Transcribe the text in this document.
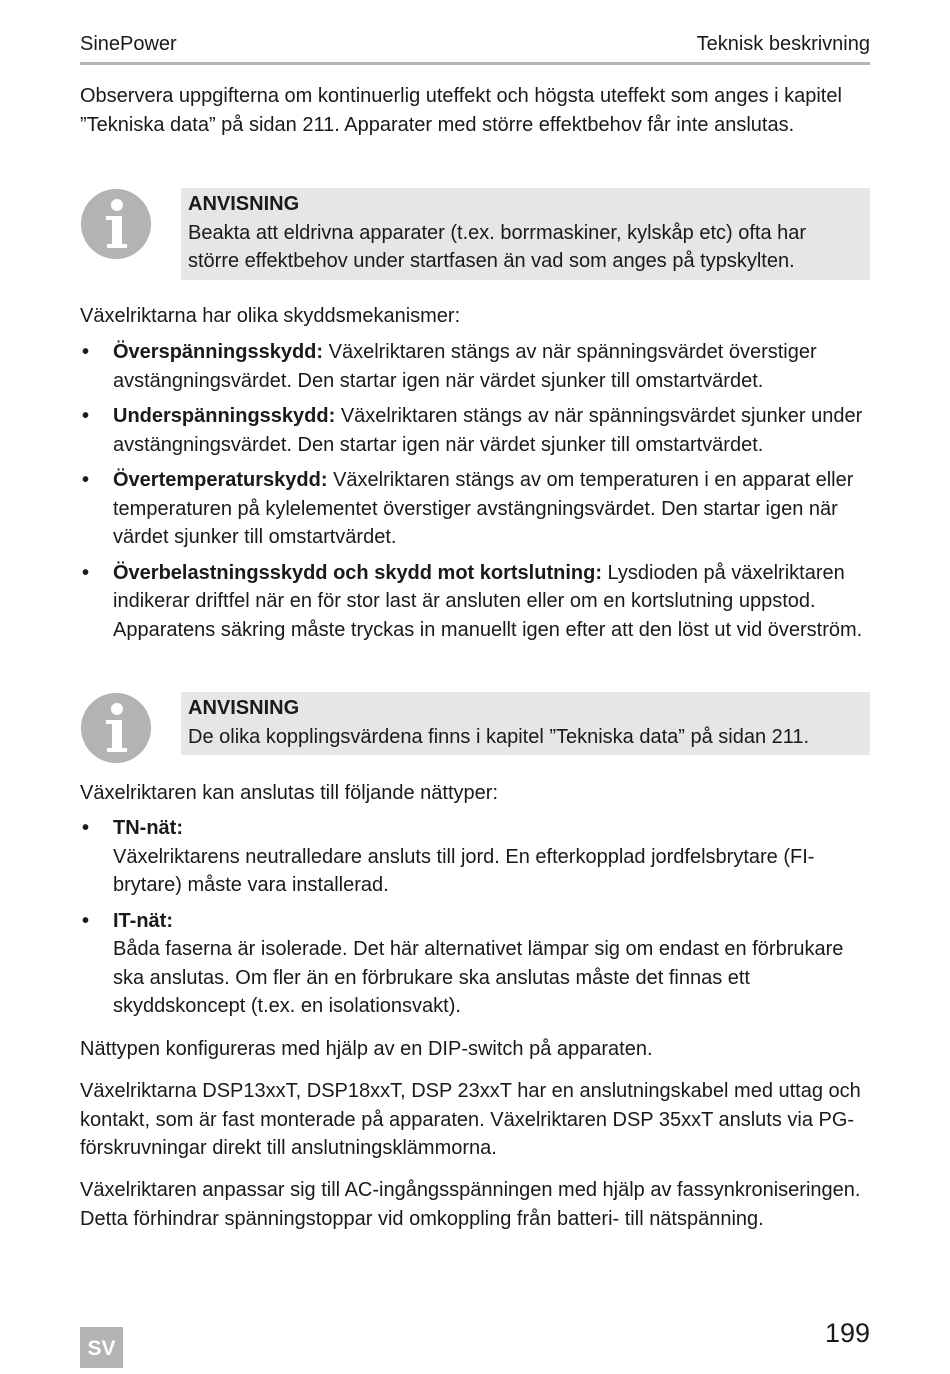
SinePower	Teknisk beskrivning

Observera uppgifterna om kontinuerlig uteffekt och högsta uteffekt som anges i kapitel ”Tekniska data” på sidan 211. Apparater med större effektbehov får inte anslutas.

ANVISNING
Beakta att eldrivna apparater (t.ex. borrmaskiner, kylskåp etc) ofta har större effektbehov under startfasen än vad som anges på typskylten.

Växelriktarna har olika skyddsmekanismer:

• Överspänningsskydd: Växelriktaren stängs av när spänningsvärdet överstiger avstängningsvärdet. Den startar igen när värdet sjunker till omstartvärdet.
• Underspänningsskydd: Växelriktaren stängs av när spänningsvärdet sjunker under avstängningsvärdet. Den startar igen när värdet sjunker till omstartvärdet.
• Övertemperaturskydd: Växelriktaren stängs av om temperaturen i en apparat eller temperaturen på kylelementet överstiger avstängningsvärdet. Den startar igen när värdet sjunker till omstartvärdet.
• Överbelastningsskydd och skydd mot kortslutning: Lysdioden på växelriktaren indikerar driftfel när en för stor last är ansluten eller om en kortslutning uppstod. Apparatens säkring måste tryckas in manuellt igen efter att den löst ut vid överström.
ANVISNING
De olika kopplingsvärdena finns i kapitel ”Tekniska data” på sidan 211.

Växelriktaren kan anslutas till följande nättyper:

• TN-nät:
Växelriktarens neutralledare ansluts till jord. En efterkopplad jordfelsbrytare (FI-brytare) måste vara installerad.
• IT-nät:
Båda faserna är isolerade. Det här alternativet lämpar sig om endast en förbrukare ska anslutas. Om fler än en förbrukare ska anslutas måste det finnas ett skyddskoncept (t.ex. en isolationsvakt).

Nättypen konfigureras med hjälp av en DIP-switch på apparaten.

Växelriktarna DSP13xxT, DSP18xxT, DSP 23xxT har en anslutningskabel med uttag och kontakt, som är fast monterade på apparaten. Växelriktaren DSP 35xxT ansluts via PG-förskruvningar direkt till anslutningsklämmorna.

Växelriktaren anpassar sig till AC-ingångsspänningen med hjälp av fassynkroniseringen. Detta förhindrar spänningstoppar vid omkoppling från batteri- till nätspänning.

SV
199
